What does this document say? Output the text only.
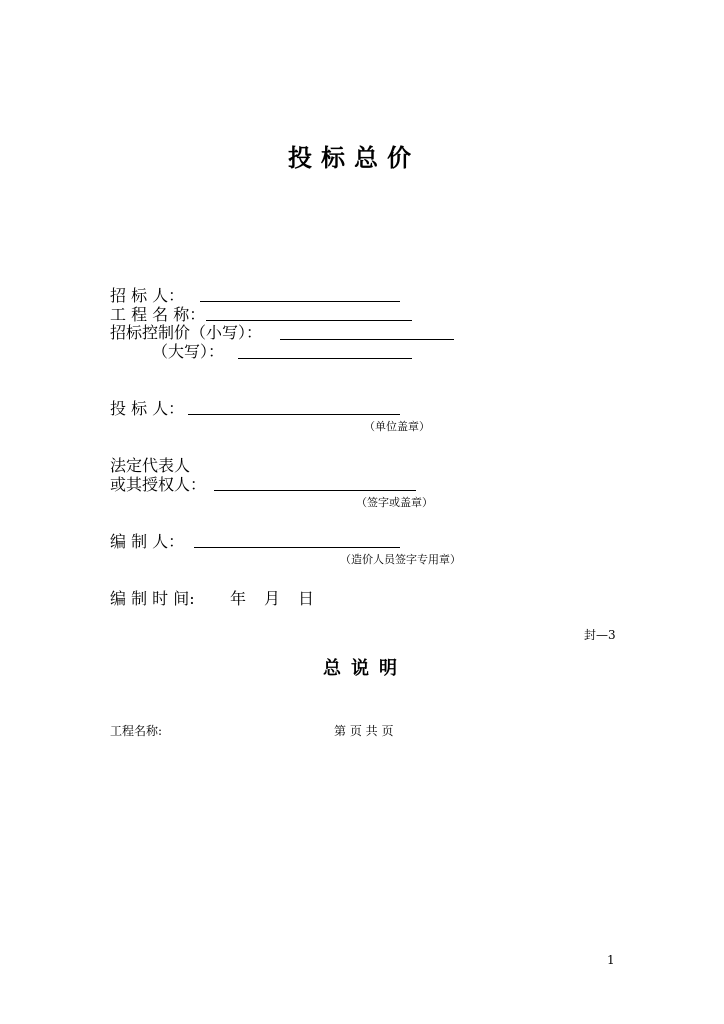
投标总价
招 标 人：
工 程 名 称：
招标控制价（小写）：
（大写）：
投 标 人：
（单位盖章）
法定代表人
或其授权人：
（签字或盖章）
编 制 人：
（造价人员签字专用章）
编 制 时 间: 年 月 日
封—3
总说明
工程名称:	第 页 共 页
1
